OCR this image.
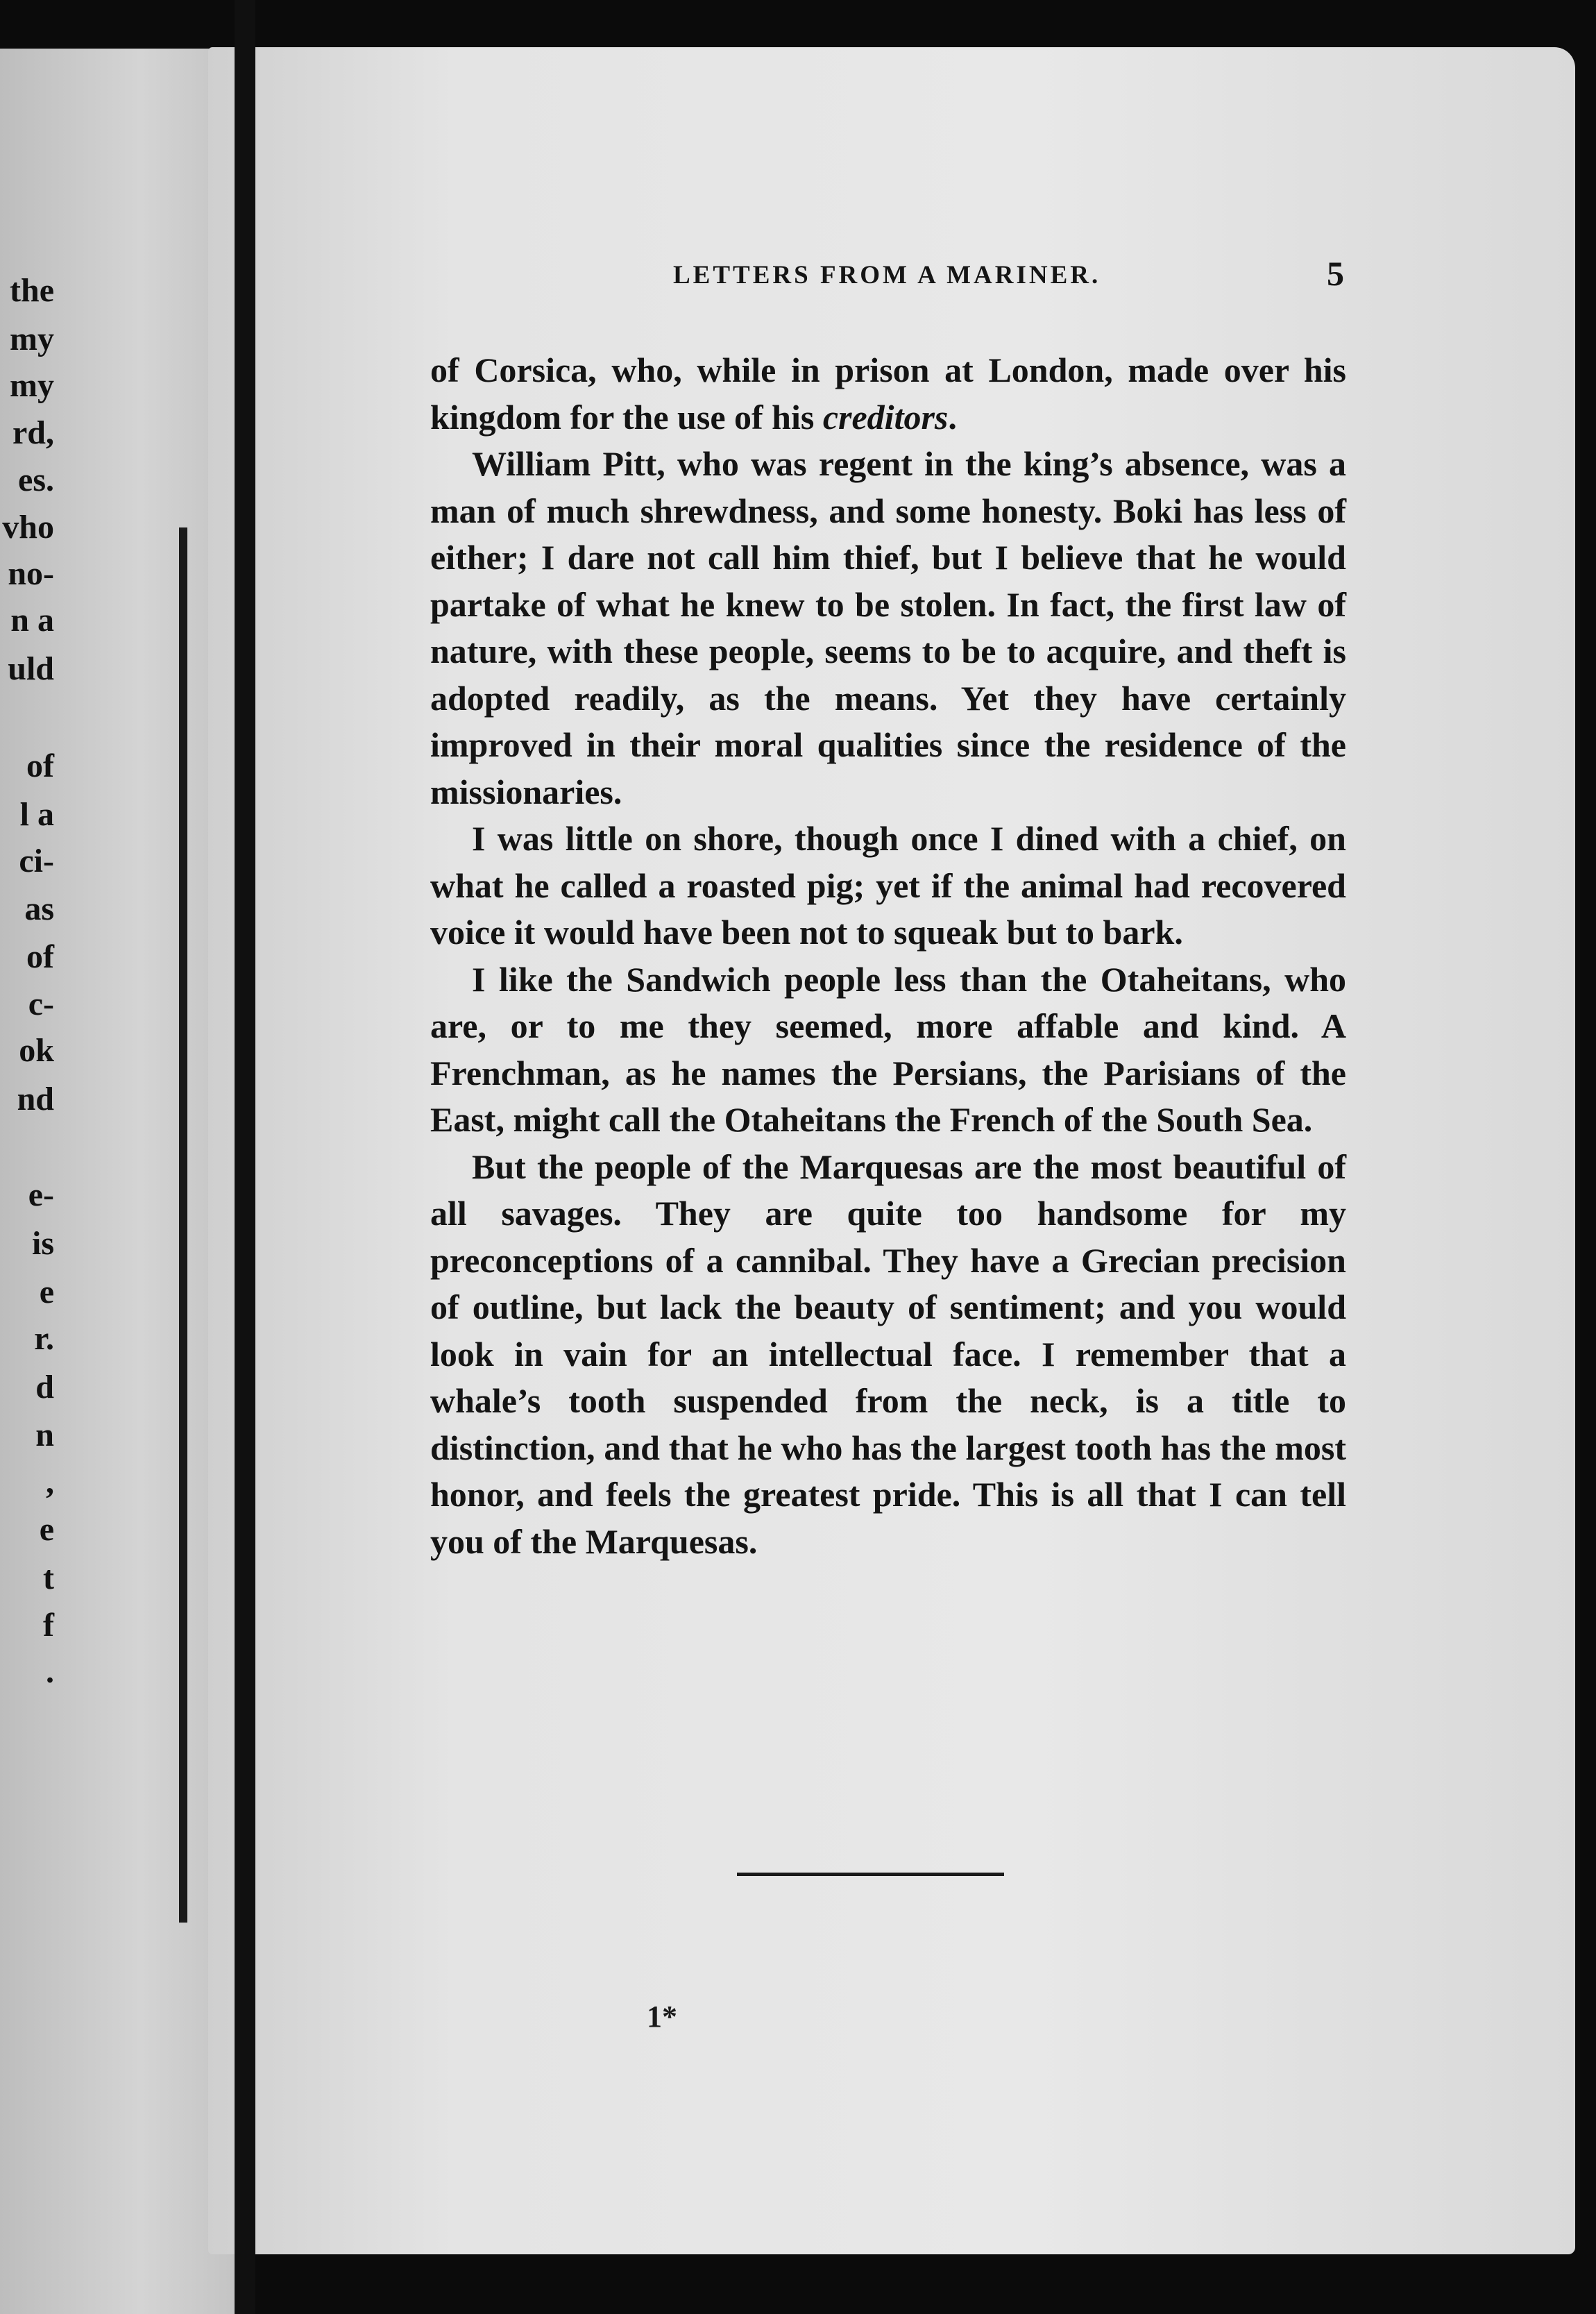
the
my
my
rd,
es.
vho
no-
n a
uld
of
l a
ci-
as
of
c-
ok
nd
e-
is
e
r.
d
n
,
e
t
f
.
LETTERS FROM A MARINER.	5

of Corsica, who, while in prison at London, made over his kingdom for the use of his creditors.

William Pitt, who was regent in the king’s absence, was a man of much shrewdness, and some honesty. Boki has less of either; I dare not call him thief, but I believe that he would partake of what he knew to be stolen. In fact, the first law of nature, with these people, seems to be to acquire, and theft is adopted readily, as the means. Yet they have certainly improved in their moral qualities since the residence of the missionaries.

I was little on shore, though once I dined with a chief, on what he called a roasted pig; yet if the animal had recovered voice it would have been not to squeak but to bark.

I like the Sandwich people less than the Otaheitans, who are, or to me they seemed, more affable and kind. A Frenchman, as he names the Persians, the Parisians of the East, might call the Otaheitans the French of the South Sea.

But the people of the Marquesas are the most beautiful of all savages. They are quite too handsome for my preconceptions of a cannibal. They have a Grecian precision of outline, but lack the beauty of sentiment; and you would look in vain for an intellectual face. I remember that a whale’s tooth suspended from the neck, is a title to distinction, and that he who has the largest tooth has the most honor, and feels the greatest pride. This is all that I can tell you of the Marquesas.

1*
